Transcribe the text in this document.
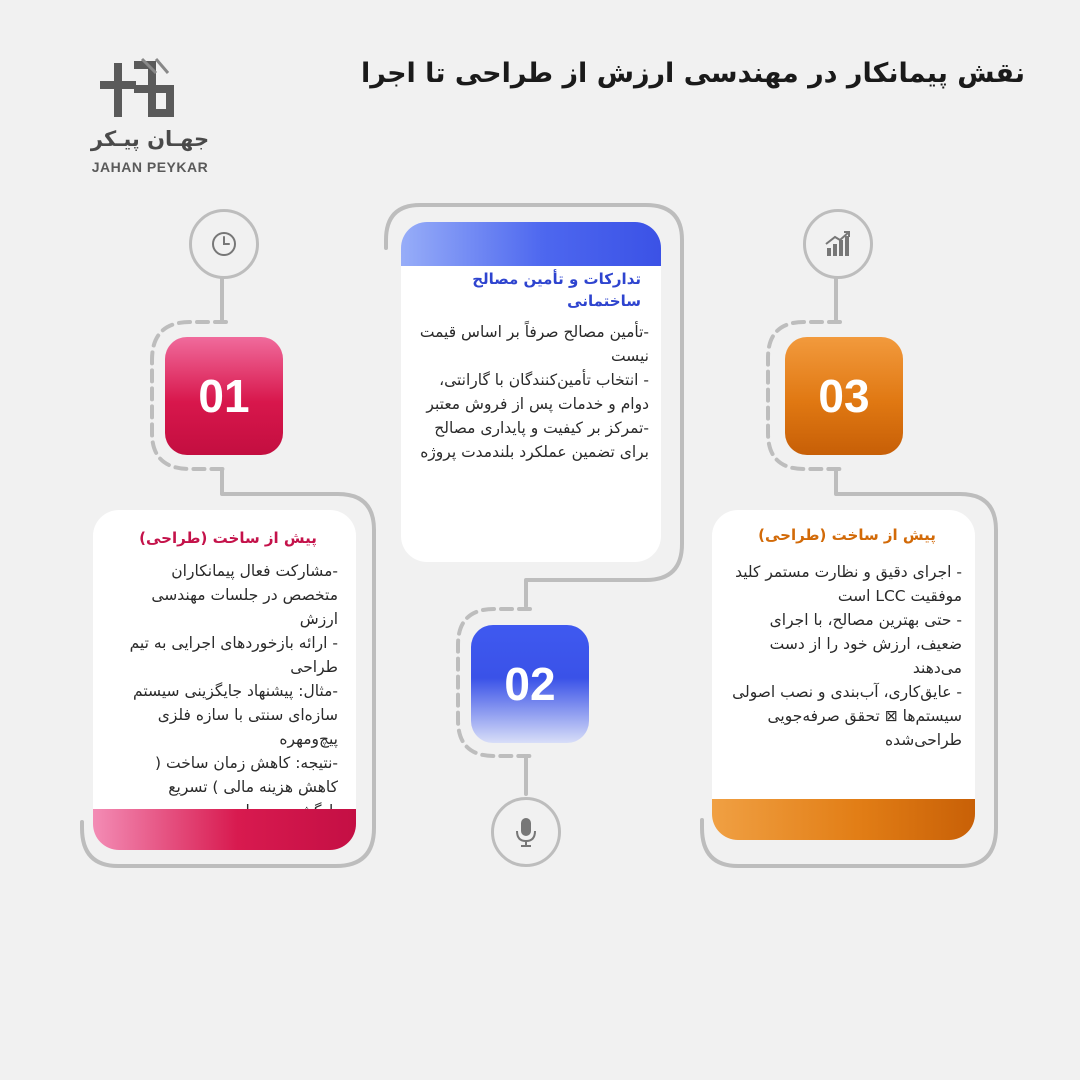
جهـان پیـکر
JAHAN PEYKAR
نقش پیمانکار در مهندسی ارزش از طراحی تا اجرا
01
02
03
پیش از ساخت (طراحی)
-مشارکت فعال پیمانکاران متخصص در جلسات مهندسی ارزش
- ارائه بازخوردهای اجرایی به تیم طراحی
-مثال: پیشنهاد جایگزینی سیستم سازه‌ای سنتی با سازه فلزی پیچ‌ومهره
-نتیجه: کاهش زمان ساخت ( کاهش هزینه مالی ) تسریع
تدارکات و تأمین مصالح ساختمانی
-تأمین مصالح صرفاً بر اساس قیمت نیست
- انتخاب تأمین‌کنندگان با گارانتی، دوام و خدمات پس از فروش معتبر
-تمرکز بر کیفیت و پایداری مصالح برای تضمین عملکرد بلندمدت پروژه
پیش از ساخت (طراحی)
- اجرای دقیق و نظارت مستمر کلید موفقیت LCC است
- حتی بهترین مصالح، با اجرای ضعیف، ارزش خود را از دست می‌دهند
- عایق‌کاری، آب‌بندی و نصب اصولی سیستم‌ها ⊠ تحقق صرفه‌جویی طراحی‌شده
